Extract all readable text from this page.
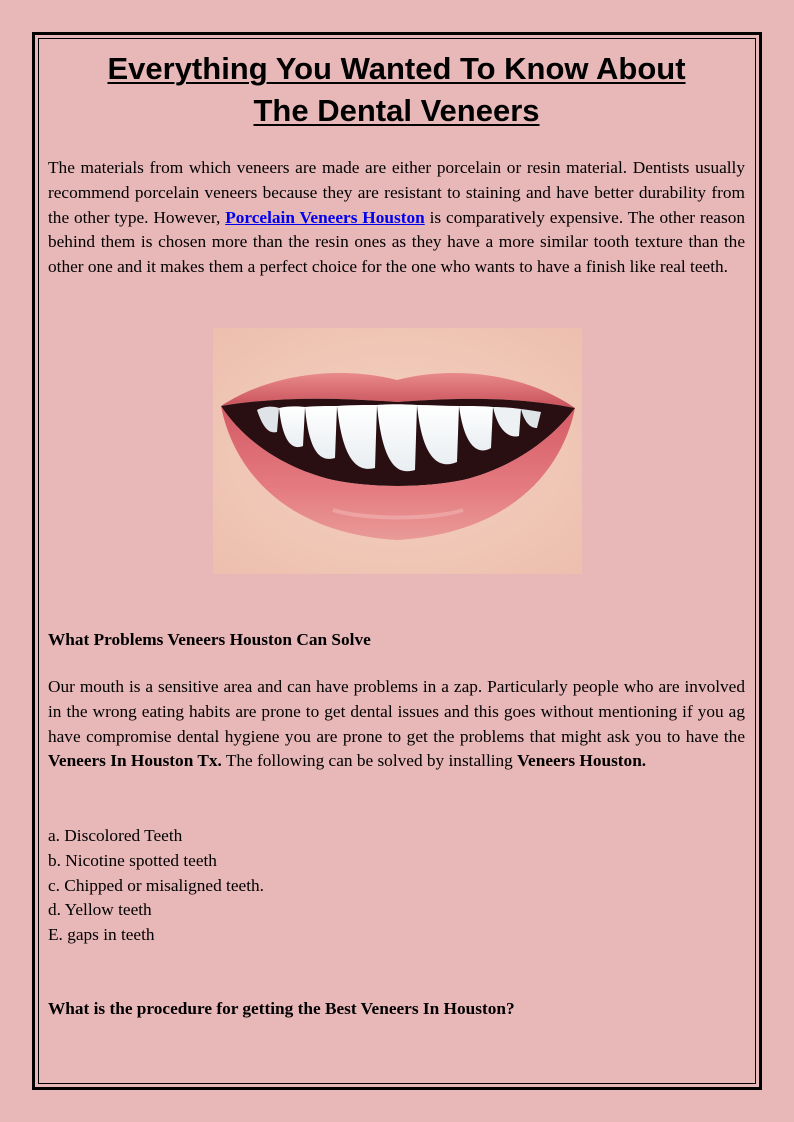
Everything You Wanted To Know About
The Dental Veneers

The materials from which veneers are made are either porcelain or resin material. Dentists usually recommend porcelain veneers because they are resistant to staining and have better durability from the other type. However, Porcelain Veneers Houston is comparatively expensive. The other reason behind them is chosen more than the resin ones as they have a more similar tooth texture than the other one and it makes them a perfect choice for the one who wants to have a finish like real teeth.

What Problems Veneers Houston Can Solve

Our mouth is a sensitive area and can have problems in a zap. Particularly people who are involved in the wrong eating habits are prone to get dental issues and this goes without mentioning if you ag have compromise dental hygiene you are prone to get the problems that might ask you to have the Veneers In Houston Tx. The following can be solved by installing Veneers Houston.

a. Discolored Teeth
b. Nicotine spotted teeth
c. Chipped or misaligned teeth.
d. Yellow teeth
E. gaps in teeth

What is the procedure for getting the Best Veneers In Houston?
